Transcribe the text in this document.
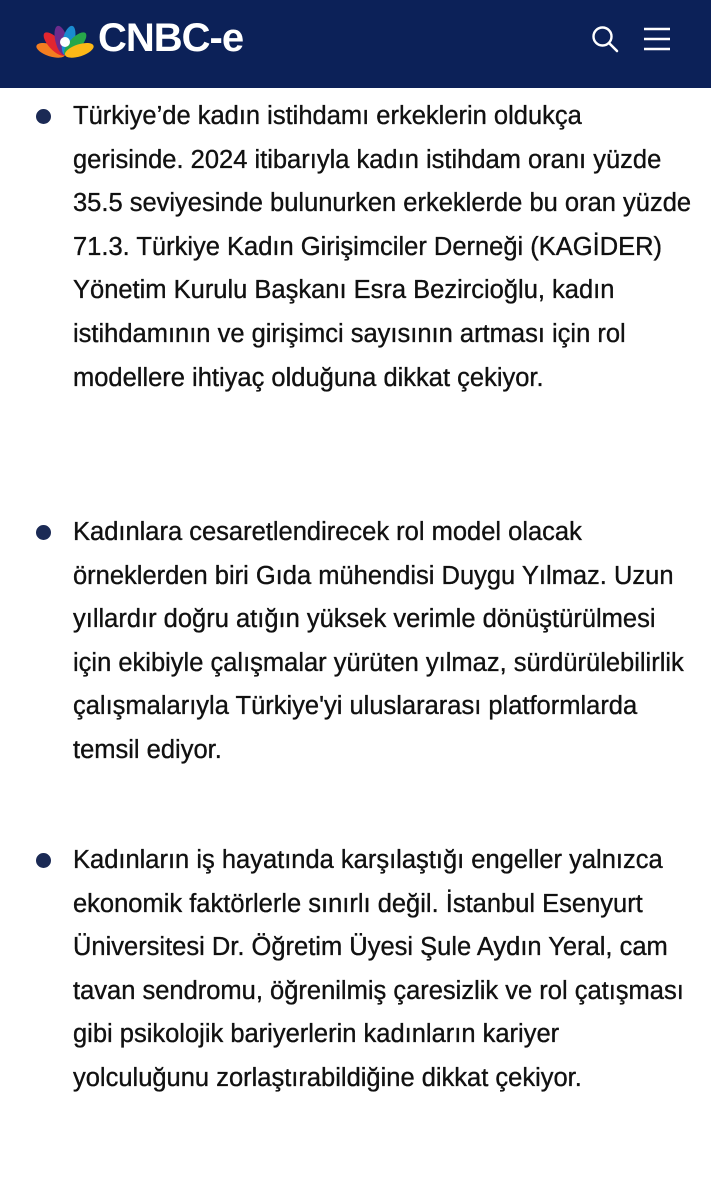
CNBC-e

Türkiye’de kadın istihdamı erkeklerin oldukça gerisinde. 2024 itibarıyla kadın istihdam oranı yüzde 35.5 seviyesinde bulunurken erkeklerde bu oran yüzde 71.3. Türkiye Kadın Girişimciler Derneği (KAGİDER) Yönetim Kurulu Başkanı Esra Bezircioğlu, kadın istihdamının ve girişimci sayısının artması için rol modellere ihtiyaç olduğuna dikkat çekiyor.

Kadınlara cesaretlendirecek rol model olacak örneklerden biri Gıda mühendisi Duygu Yılmaz. Uzun yıllardır doğru atığın yüksek verimle dönüştürülmesi için ekibiyle çalışmalar yürüten yılmaz, sürdürülebilirlik çalışmalarıyla Türkiye'yi uluslararası platformlarda temsil ediyor.

Kadınların iş hayatında karşılaştığı engeller yalnızca ekonomik faktörlerle sınırlı değil. İstanbul Esenyurt Üniversitesi Dr. Öğretim Üyesi Şule Aydın Yeral, cam tavan sendromu, öğrenilmiş çaresizlik ve rol çatışması gibi psikolojik bariyerlerin kadınların kariyer yolculuğunu zorlaştırabildiğine dikkat çekiyor.
